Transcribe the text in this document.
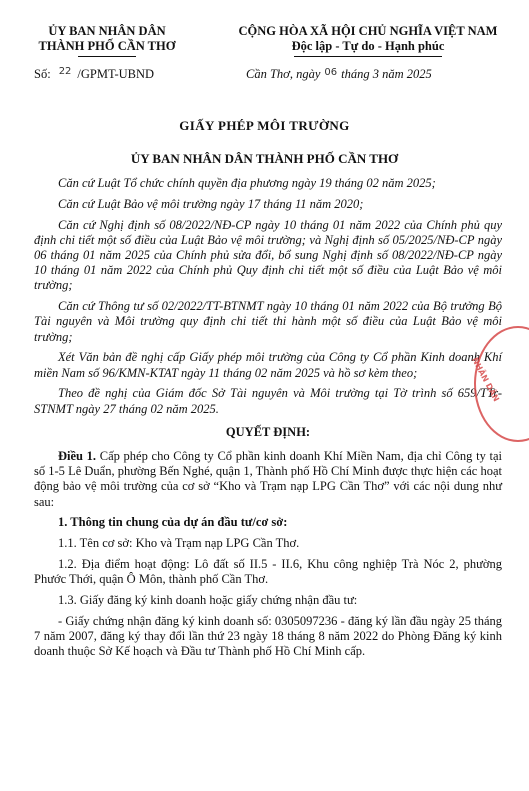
ỦY BAN NHÂN DÂN
THÀNH PHỐ CẦN THƠ
CỘNG HÒA XÃ HỘI CHỦ NGHĨA VIỆT NAM
Độc lập - Tự do - Hạnh phúc
Số: 22 /GPMT-UBND	Cần Thơ, ngày 06 tháng 3 năm 2025
GIẤY PHÉP MÔI TRƯỜNG
ỦY BAN NHÂN DÂN THÀNH PHỐ CẦN THƠ

Căn cứ Luật Tổ chức chính quyền địa phương ngày 19 tháng 02 năm 2025;

Căn cứ Luật Bảo vệ môi trường ngày 17 tháng 11 năm 2020;

Căn cứ Nghị định số 08/2022/NĐ-CP ngày 10 tháng 01 năm 2022 của Chính phủ quy định chi tiết một số điều của Luật Bảo vệ môi trường; và Nghị định số 05/2025/NĐ-CP ngày 06 tháng 01 năm 2025 của Chính phủ sửa đổi, bổ sung Nghị định số 08/2022/NĐ-CP ngày 10 tháng 01 năm 2022 của Chính phủ Quy định chi tiết một số điều của Luật Bảo vệ môi trường;

Căn cứ Thông tư số 02/2022/TT-BTNMT ngày 10 tháng 01 năm 2022 của Bộ trưởng Bộ Tài nguyên và Môi trường quy định chi tiết thi hành một số điều của Luật Bảo vệ môi trường;

Xét Văn bản đề nghị cấp Giấy phép môi trường của Công ty Cổ phần Kinh doanh Khí miền Nam số 96/KMN-KTAT ngày 11 tháng 02 năm 2025 và hồ sơ kèm theo;

Theo đề nghị của Giám đốc Sở Tài nguyên và Môi trường tại Tờ trình số 659/TTr-STNMT ngày 27 tháng 02 năm 2025.

QUYẾT ĐỊNH:

Điều 1. Cấp phép cho Công ty Cổ phần kinh doanh Khí Miền Nam, địa chỉ Công ty tại số 1-5 Lê Duẩn, phường Bến Nghé, quận 1, Thành phố Hồ Chí Minh được thực hiện các hoạt động bảo vệ môi trường của cơ sở “Kho và Trạm nạp LPG Cần Thơ” với các nội dung như sau:

1. Thông tin chung của dự án đầu tư/cơ sở:

1.1. Tên cơ sở: Kho và Trạm nạp LPG Cần Thơ.

1.2. Địa điểm hoạt động: Lô đất số II.5 - II.6, Khu công nghiệp Trà Nóc 2, phường Phước Thới, quận Ô Môn, thành phố Cần Thơ.

1.3. Giấy đăng ký kinh doanh hoặc giấy chứng nhận đầu tư:

- Giấy chứng nhận đăng ký kinh doanh số: 0305097236 - đăng ký lần đầu ngày 25 tháng 7 năm 2007, đăng ký thay đổi lần thứ 23 ngày 18 tháng 8 năm 2022 do Phòng Đăng ký kinh doanh thuộc Sở Kế hoạch và Đầu tư Thành phố Hồ Chí Minh cấp.

NHÂN DÂN
